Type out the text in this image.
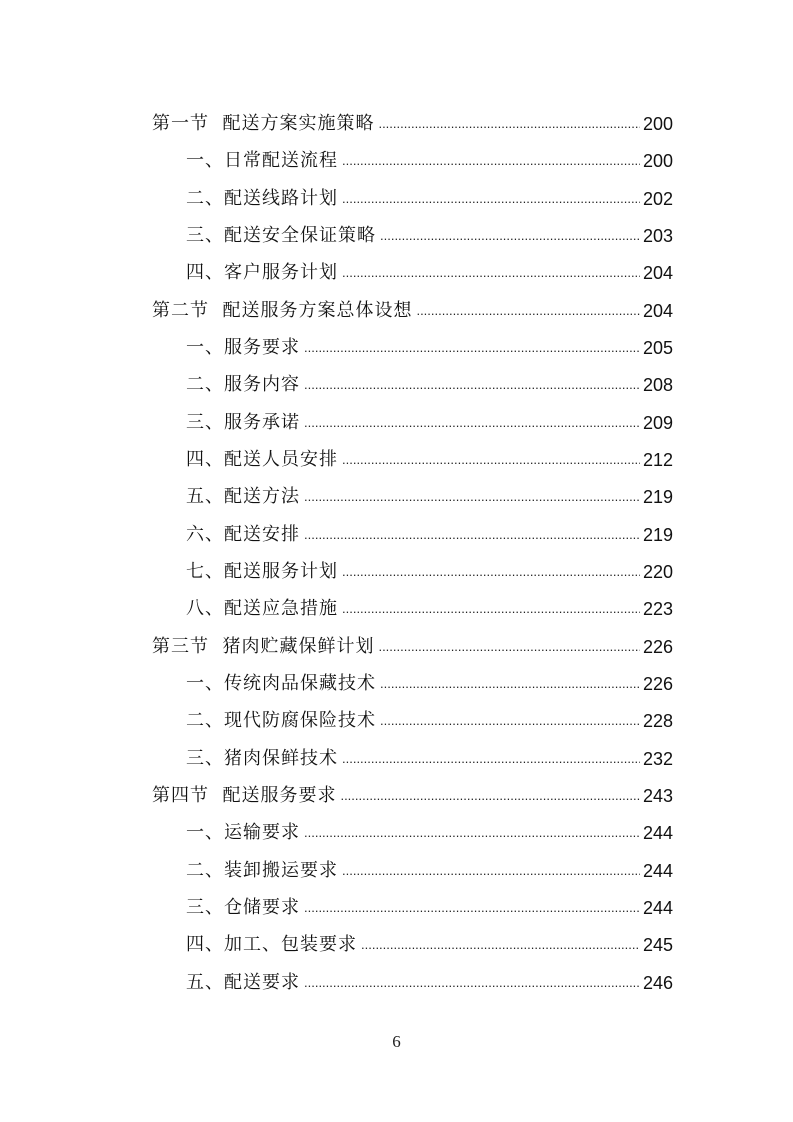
第一节  配送方案实施策略 .....	200
一、日常配送流程 .....	200
二、配送线路计划 .....	202
三、配送安全保证策略 .....	203
四、客户服务计划 .....	204
第二节  配送服务方案总体设想 .....	204
一、服务要求 .....	205
二、服务内容 .....	208
三、服务承诺 .....	209
四、配送人员安排 .....	212
五、配送方法 .....	219
六、配送安排 .....	219
七、配送服务计划 .....	220
八、配送应急措施 .....	223
第三节  猪肉贮藏保鲜计划 .....	226
一、传统肉品保藏技术 .....	226
二、现代防腐保险技术 .....	228
三、猪肉保鲜技术 .....	232
第四节  配送服务要求 .....	243
一、运输要求 .....	244
二、装卸搬运要求 .....	244
三、仓储要求 .....	244
四、加工、包装要求 .....	245
五、配送要求 .....	246
6
